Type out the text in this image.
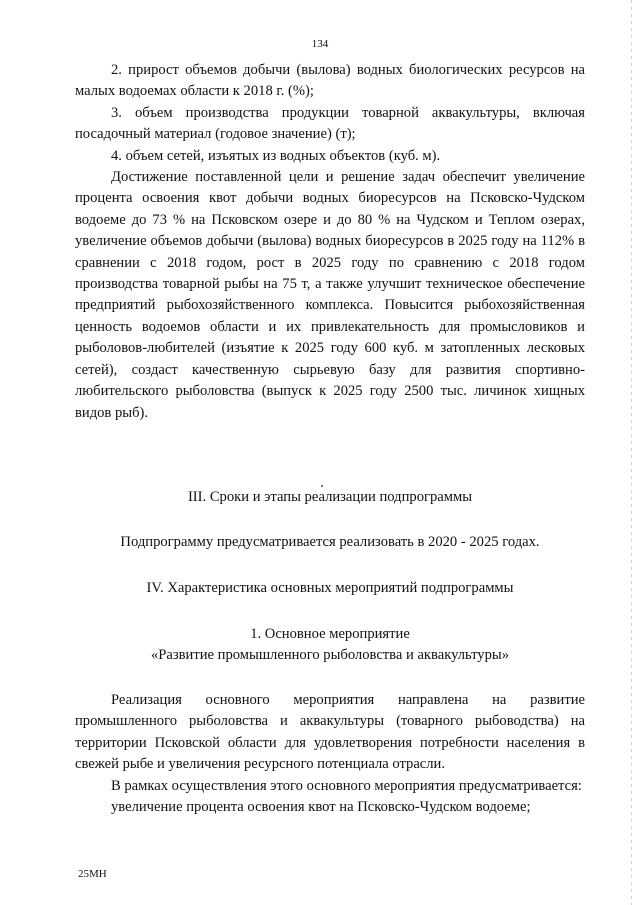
134

2. прирост объемов добычи (вылова) водных биологических ресурсов на малых водоемах области к 2018 г. (%);

3. объем производства продукции товарной аквакультуры, включая посадочный материал (годовое значение) (т);

4. объем сетей, изъятых из водных объектов (куб. м).

Достижение поставленной цели и решение задач обеспечит увеличение процента освоения квот добычи водных биоресурсов на Псковско-Чудском водоеме до 73 % на Псковском озере и до 80 % на Чудском и Теплом озерах, увеличение объемов добычи (вылова) водных биоресурсов в 2025 году на 112% в сравнении с 2018 годом, рост в 2025 году по сравнению с 2018 годом производства товарной рыбы на 75 т, а также улучшит техническое обеспечение предприятий рыбохозяйственного комплекса. Повысится рыбохозяйственная ценность водоемов области и их привлекательность для промысловиков и рыболовов-любителей (изъятие к 2025 году 600 куб. м затопленных лесковых сетей), создаст качественную сырьевую базу для развития спортивно-любительского рыболовства (выпуск к 2025 году 2500 тыс. личинок хищных видов рыб).

III. Сроки и этапы реализации подпрограммы
Подпрограмму предусматривается реализовать в 2020 - 2025 годах.
IV. Характеристика основных мероприятий подпрограммы
1. Основное мероприятие
«Развитие промышленного рыболовства и аквакультуры»

Реализация основного мероприятия направлена на развитие промышленного рыболовства и аквакультуры (товарного рыбоводства) на территории Псковской области для удовлетворения потребности населения в свежей рыбе и увеличения ресурсного потенциала отрасли.

В рамках осуществления этого основного мероприятия предусматривается:

увеличение процента освоения квот на Псковско-Чудском водоеме;

25МН
